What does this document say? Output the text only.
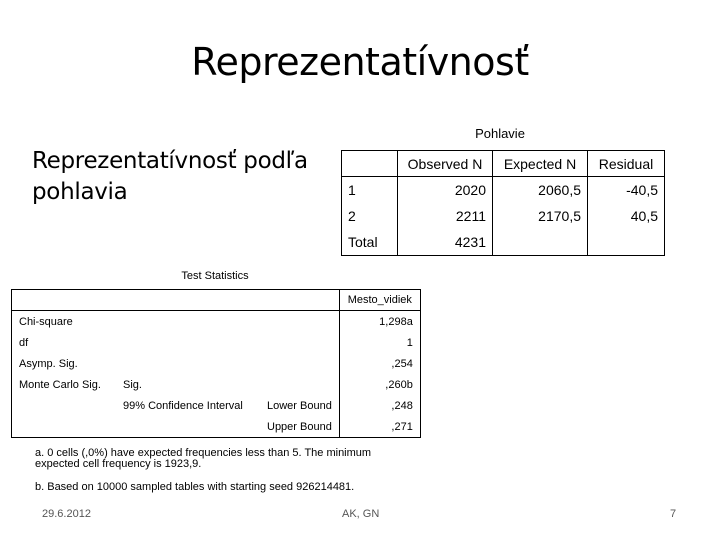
Reprezentatívnosť
Reprezentatívnosť podľa pohlavia
Pohlavie
	Observed N	Expected N	Residual
1	2020	2060,5	-40,5
2	2211	2170,5	40,5
Total	4231		
Test Statistics
			Mesto_vidiek
Chi-square			1,298a
df			1
Asymp. Sig.			,254
Monte Carlo Sig.	Sig.		,260b
	99% Confidence Interval	Lower Bound	,248
		Upper Bound	,271
a. 0 cells (,0%) have expected frequencies less than 5. The minimum
expected cell frequency is 1923,9.
b. Based on 10000 sampled tables with starting seed 926214481.
29.6.2012	AK, GN	7
